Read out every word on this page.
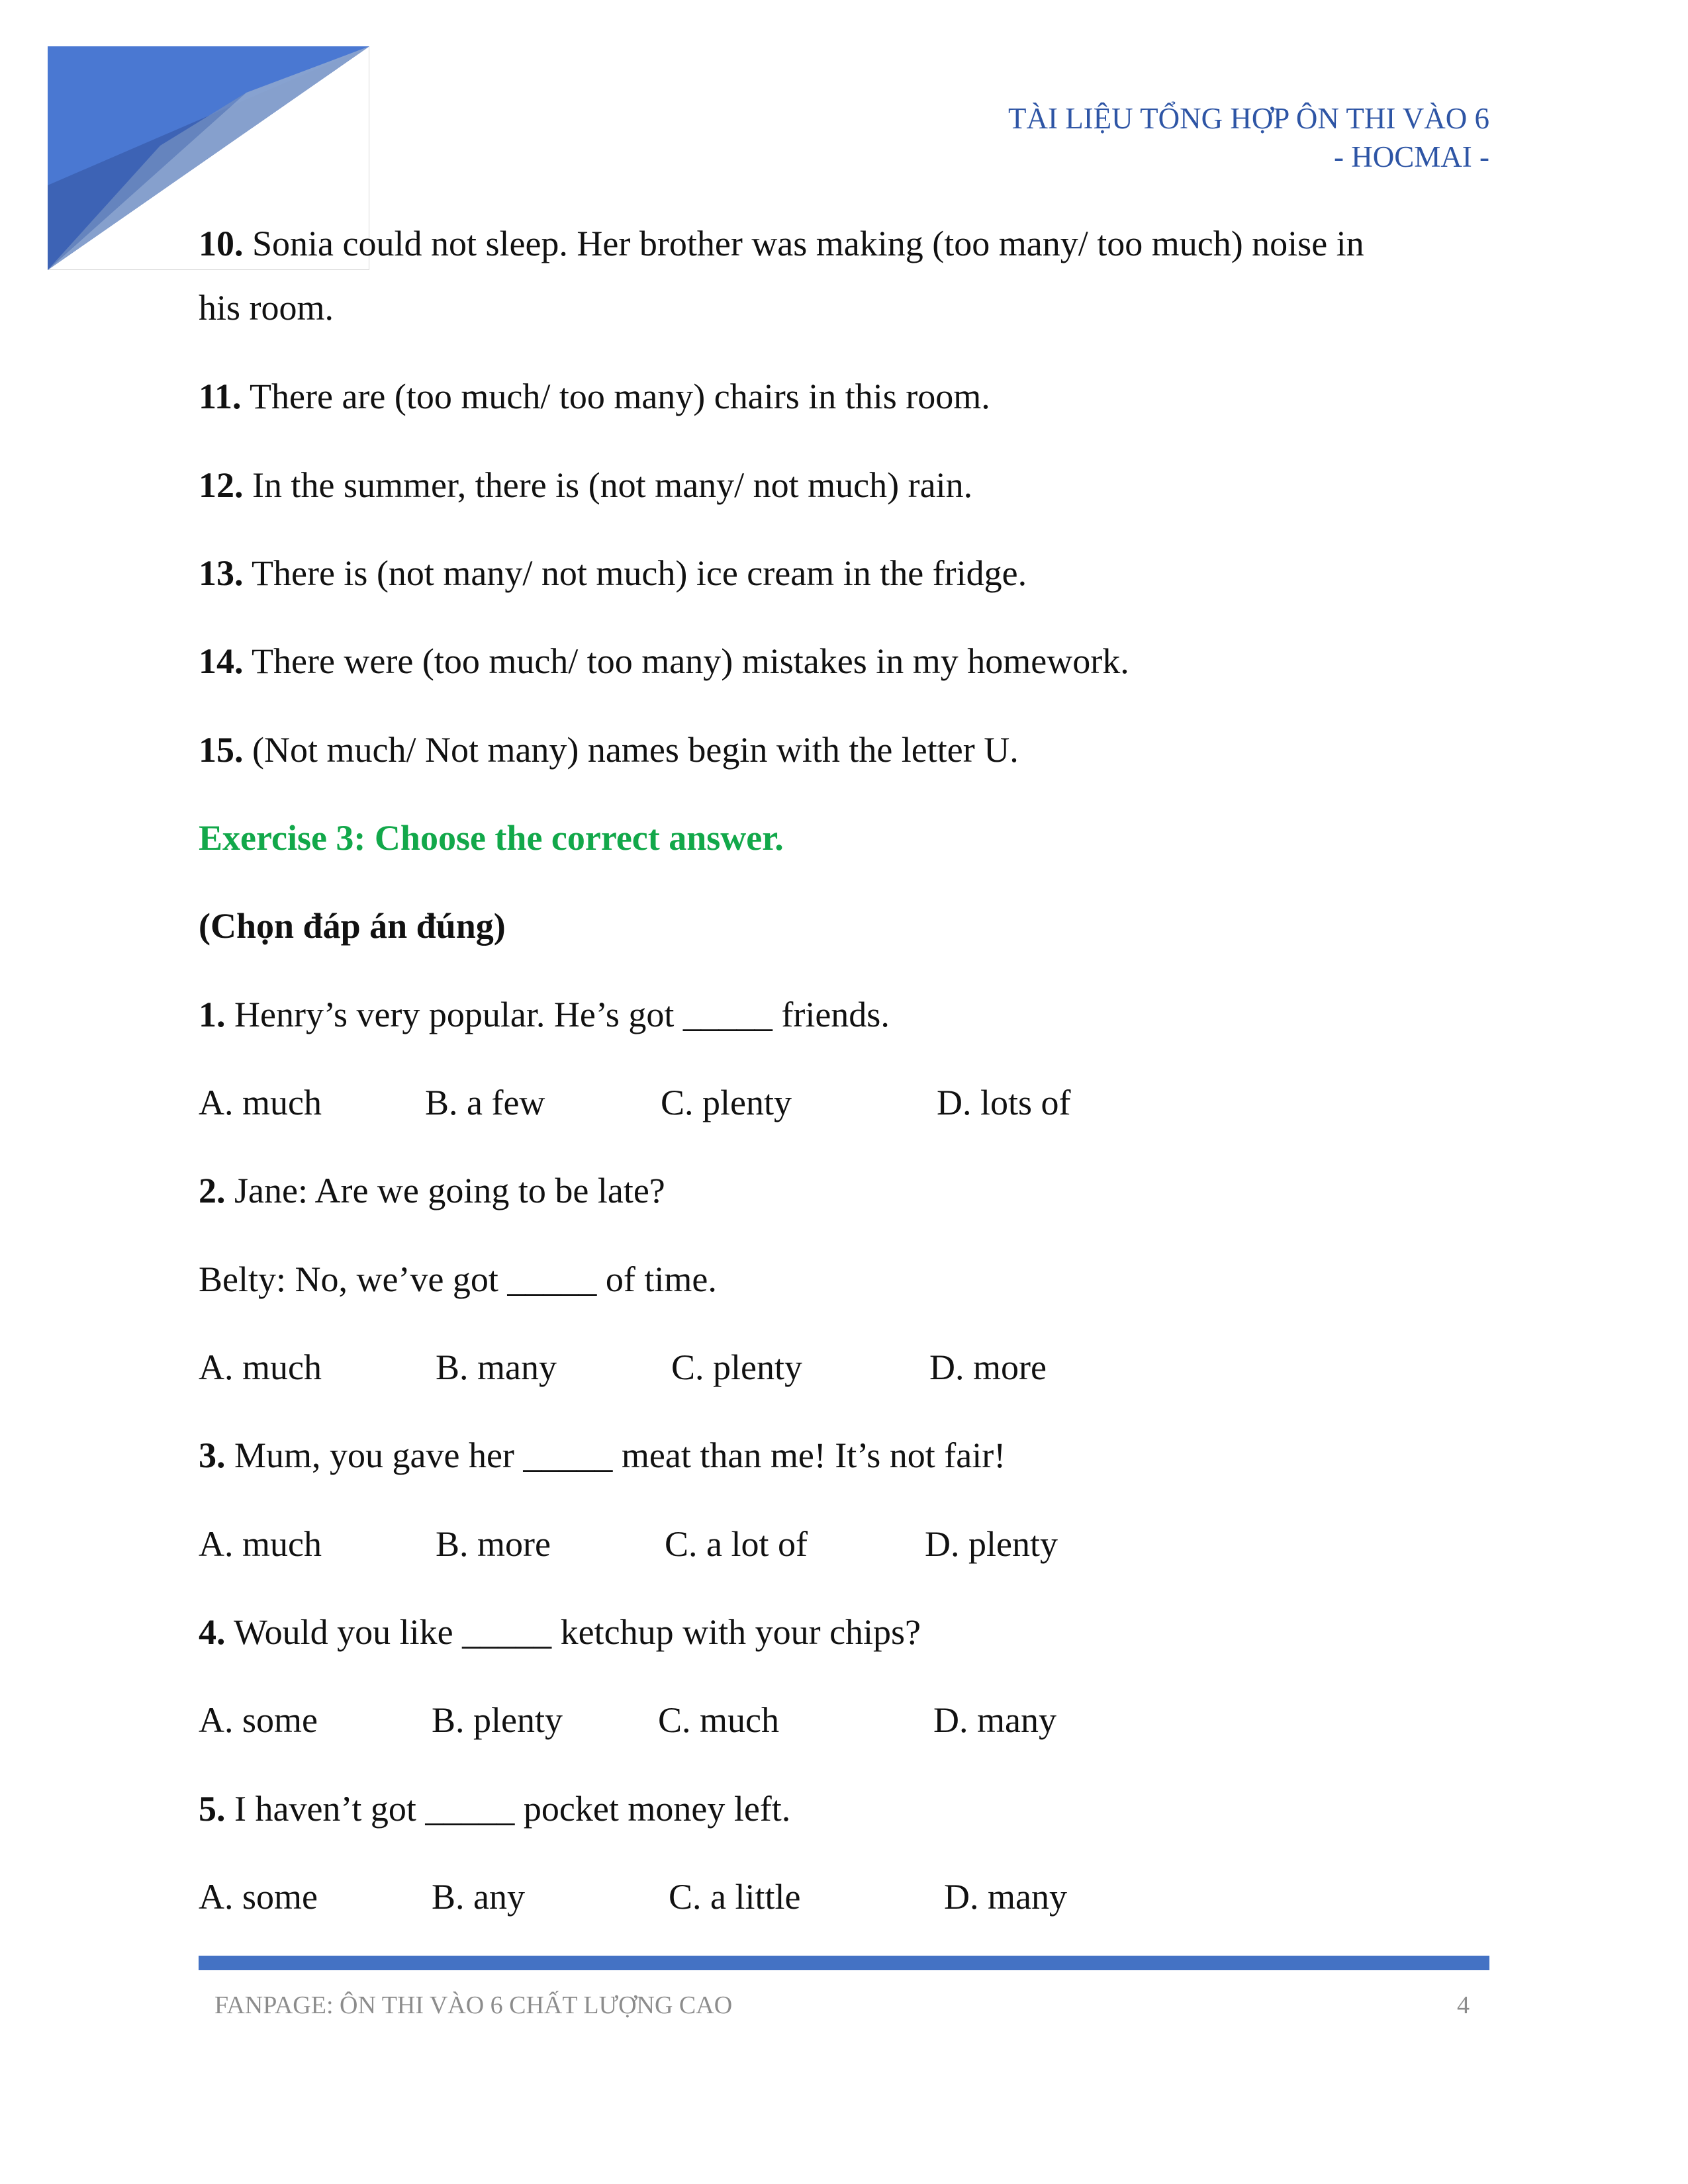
TÀI LIỆU TỔNG HỢP ÔN THI VÀO 6
- HOCMAI -
10. Sonia could not sleep. Her brother was making (too many/ too much) noise in
his room.
11. There are (too much/ too many) chairs in this room.
12. In the summer, there is (not many/ not much) rain.
13. There is (not many/ not much) ice cream in the fridge.
14. There were (too much/ too many) mistakes in my homework.
15. (Not much/ Not many) names begin with the letter U.
Exercise 3: Choose the correct answer.
(Chọn đáp án đúng)
1. Henry’s very popular. He’s got _____ friends.
A. much	B. a few	C. plenty	D. lots of
2. Jane: Are we going to be late?
Belty: No, we’ve got _____ of time.
A. much	B. many	C. plenty	D. more
3. Mum, you gave her _____ meat than me! It’s not fair!
A. much	B. more	C. a lot of	D. plenty
4. Would you like _____ ketchup with your chips?
A. some	B. plenty	C. much	D. many
5. I haven’t got _____ pocket money left.
A. some	B. any	C. a little	D. many
FANPAGE: ÔN THI VÀO 6 CHẤT LƯỢNG CAO	4
